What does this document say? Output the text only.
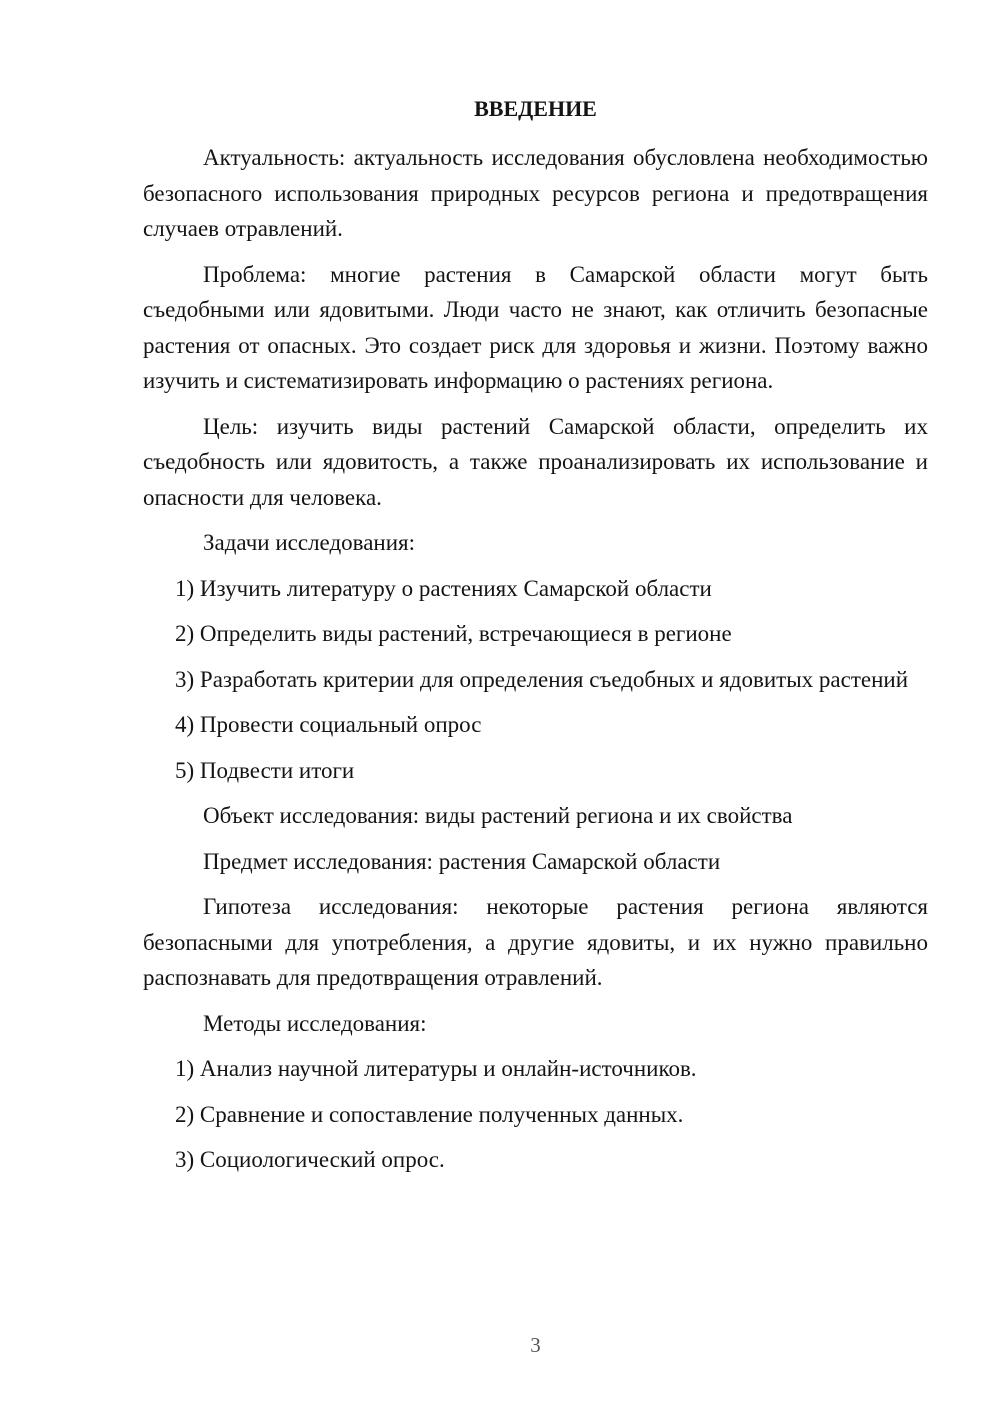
ВВЕДЕНИЕ

Актуальность: актуальность исследования обусловлена необходимостью безопасного использования природных ресурсов региона и предотвращения случаев отравлений.

Проблема: многие растения в Самарской области могут быть съедобными или ядовитыми. Люди часто не знают, как отличить безопасные растения от опасных. Это создает риск для здоровья и жизни. Поэтому важно изучить и систематизировать информацию о растениях региона.

Цель: изучить виды растений Самарской области, определить их съедобность или ядовитость, а также проанализировать их использование и опасности для человека.

Задачи исследования:

1) Изучить литературу о растениях Самарской области

2) Определить виды растений, встречающиеся в регионе

3) Разработать критерии для определения съедобных и ядовитых растений

4) Провести социальный опрос

5) Подвести итоги

Объект исследования: виды растений региона и их свойства

Предмет исследования: растения Самарской области

Гипотеза исследования: некоторые растения региона являются безопасными для употребления, а другие ядовиты, и их нужно правильно распознавать для предотвращения отравлений.

Методы исследования:

1) Анализ научной литературы и онлайн-источников.

2) Сравнение и сопоставление полученных данных.

3) Социологический опрос.

3
